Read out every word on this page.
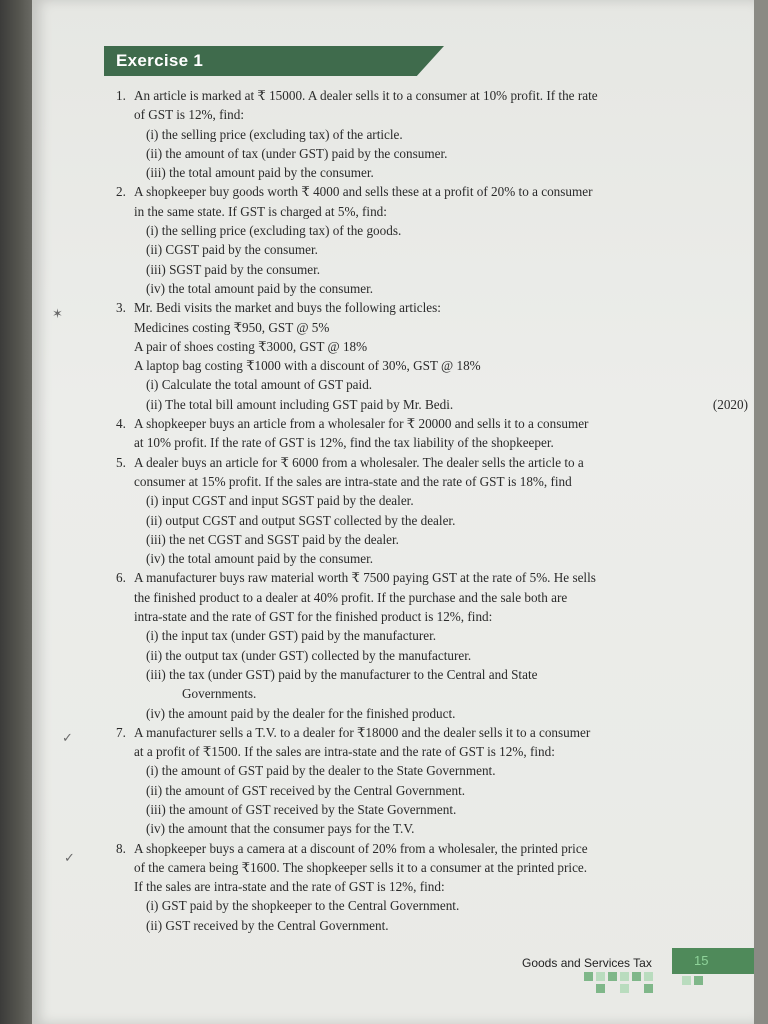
Exercise 1
✶
✓
✓
1. An article is marked at ₹ 15000. A dealer sells it to a consumer at 10% profit. If the rate
of GST is 12%, find:
(i) the selling price (excluding tax) of the article.
(ii) the amount of tax (under GST) paid by the consumer.
(iii) the total amount paid by the consumer.
2. A shopkeeper buy goods worth ₹ 4000 and sells these at a profit of 20% to a consumer
in the same state. If GST is charged at 5%, find:
(i) the selling price (excluding tax) of the goods.
(ii) CGST paid by the consumer.
(iii) SGST paid by the consumer.
(iv) the total amount paid by the consumer.
3. Mr. Bedi visits the market and buys the following articles:
Medicines costing ₹950, GST @ 5%
A pair of shoes costing ₹3000, GST @ 18%
A laptop bag costing ₹1000 with a discount of 30%, GST @ 18%
(i) Calculate the total amount of GST paid.
(ii) The total bill amount including GST paid by Mr. Bedi.	(2020)
4. A shopkeeper buys an article from a wholesaler for ₹ 20000 and sells it to a consumer
at 10% profit. If the rate of GST is 12%, find the tax liability of the shopkeeper.
5. A dealer buys an article for ₹ 6000 from a wholesaler. The dealer sells the article to a
consumer at 15% profit. If the sales are intra-state and the rate of GST is 18%, find
(i) input CGST and input SGST paid by the dealer.
(ii) output CGST and output SGST collected by the dealer.
(iii) the net CGST and SGST paid by the dealer.
(iv) the total amount paid by the consumer.
6. A manufacturer buys raw material worth ₹ 7500 paying GST at the rate of 5%. He sells
the finished product to a dealer at 40% profit. If the purchase and the sale both are
intra-state and the rate of GST for the finished product is 12%, find:
(i) the input tax (under GST) paid by the manufacturer.
(ii) the output tax (under GST) collected by the manufacturer.
(iii) the tax (under GST) paid by the manufacturer to the Central and State
Governments.
(iv) the amount paid by the dealer for the finished product.
7. A manufacturer sells a T.V. to a dealer for ₹18000 and the dealer sells it to a consumer
at a profit of ₹1500. If the sales are intra-state and the rate of GST is 12%, find:
(i) the amount of GST paid by the dealer to the State Government.
(ii) the amount of GST received by the Central Government.
(iii) the amount of GST received by the State Government.
(iv) the amount that the consumer pays for the T.V.
8. A shopkeeper buys a camera at a discount of 20% from a wholesaler, the printed price
of the camera being ₹1600. The shopkeeper sells it to a consumer at the printed price.
If the sales are intra-state and the rate of GST is 12%, find:
(i) GST paid by the shopkeeper to the Central Government.
(ii) GST received by the Central Government.
Goods and Services Tax	15
